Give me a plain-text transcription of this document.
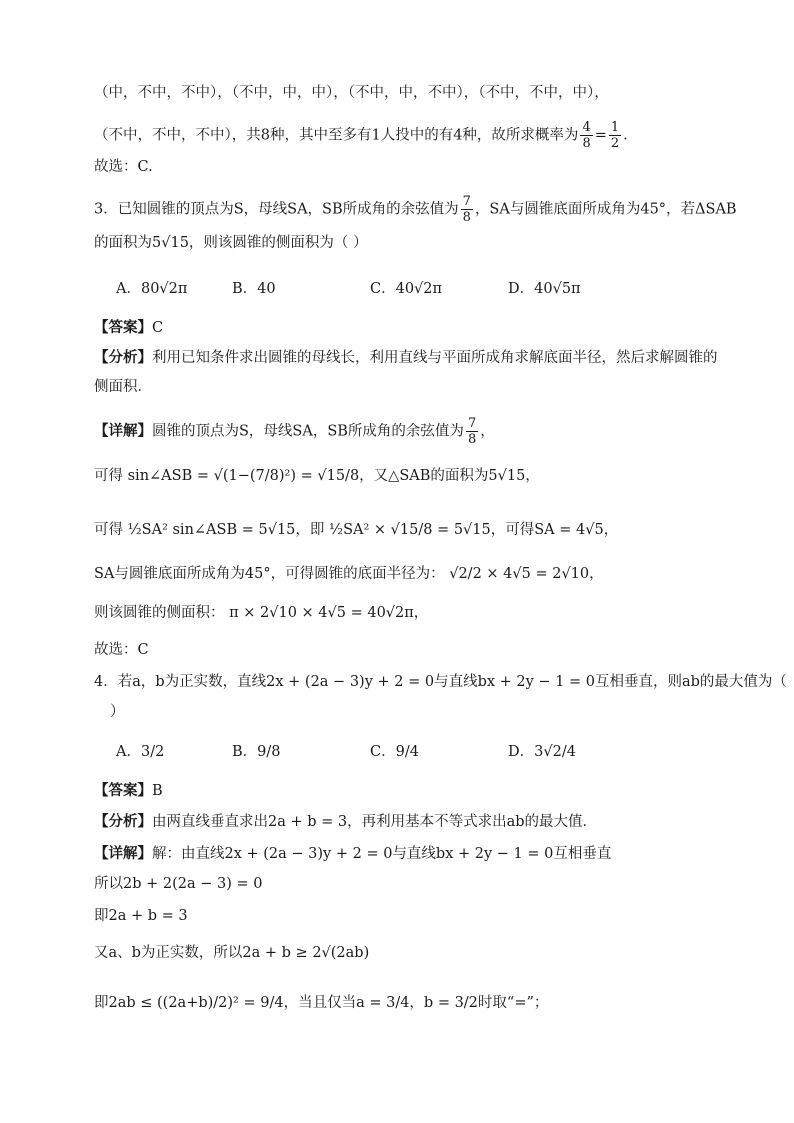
（中，不中，不中），（不中，中，中），（不中，中，不中），（不中，不中，中），
（不中，不中，不中），共8种，其中至多有1人投中的有4种，故所求概率为 $\frac{4}{8} = \frac{1}{2}$ .
故选：C.
3．已知圆锥的顶点为S，母线SA，SB所成角的余弦值为 $\frac{7}{8}$ ，SA与圆锥底面所成角为45°，若ΔSAB
的面积为5√15，则该圆锥的侧面积为（ ）
A．80√2π	B．40	C．40√2π	D．40√5π
【答案】C
【分析】利用已知条件求出圆锥的母线长，利用直线与平面所成角求解底面半径，然后求解圆锥的
侧面积．
【详解】圆锥的顶点为S，母线SA，SB所成角的余弦值为 $\frac{7}{8}$ ，
可得 sin∠ASB = √(1−(7/8)²) = √15/8，又△SAB的面积为5√15，
可得 ½SA² sin∠ASB = 5√15，即 ½SA² × √15/8 = 5√15，可得SA = 4√5，
SA与圆锥底面所成角为45°，可得圆锥的底面半径为： √2/2 × 4√5 = 2√10，
则该圆锥的侧面积： π × 2√10 × 4√5 = 40√2π，
故选：C
4．若a，b为正实数，直线2x + (2a − 3)y + 2 = 0与直线bx + 2y − 1 = 0互相垂直，则ab的最大值为（
）
A．3/2	B．9/8	C．9/4	D．3√2/4
【答案】B
【分析】由两直线垂直求出2a + b = 3，再利用基本不等式求出ab的最大值．
【详解】解：由直线2x + (2a − 3)y + 2 = 0与直线bx + 2y − 1 = 0互相垂直
所以2b + 2(2a − 3) = 0
即2a + b = 3
又a、b为正实数，所以2a + b ≥ 2√(2ab)
即2ab ≤ ((2a+b)/2)² = 9/4，当且仅当a = 3/4，b = 3/2时取“=”；
